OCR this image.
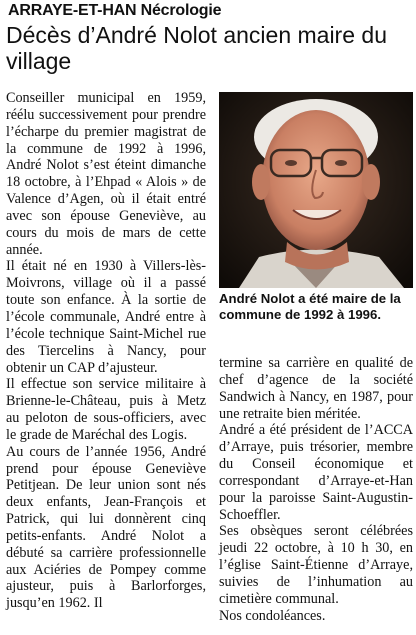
ARRAYE-ET-HAN Nécrologie
Décès d’André Nolot ancien maire du village

Conseiller municipal en 1959, réélu successivement pour prendre l’écharpe du premier magistrat de la commune de 1992 à 1996, André Nolot s’est éteint dimanche 18 octobre, à l’Ehpad « Alois » de Valence d’Agen, où il était entré avec son épouse Geneviève, au cours du mois de mars de cette année.

Il était né en 1930 à Villers-lès-Moivrons, village où il a passé toute son enfance. À la sortie de l’école communale, André entre à l’école technique Saint-Michel rue des Tiercelins à Nancy, pour obtenir un CAP d’ajusteur.

Il effectue son service militaire à Brienne-le-Château, puis à Metz au peloton de sous-officiers, avec le grade de Maréchal des Logis.

Au cours de l’année 1956, André prend pour épouse Geneviève Petitjean. De leur union sont nés deux enfants, Jean-François et Patrick, qui lui donnèrent cinq petits-enfants. André Nolot a débuté sa carrière professionnelle aux Aciéries de Pompey comme ajusteur, puis à Barlorforges, jusqu’en 1962. Il

André Nolot a été maire de la commune de 1992 à 1996.

termine sa carrière en qualité de chef d’agence de la société Sandwich à Nancy, en 1987, pour une retraite bien méritée.

André a été président de l’ACCA d’Arraye, puis trésorier, membre du Conseil économique et correspondant d’Arraye-et-Han pour la paroisse Saint-Augustin-Schoeffler.

Ses obsèques seront célébrées jeudi 22 octobre, à 10 h 30, en l’église Saint-Étienne d’Arraye, suivies de l’inhumation au cimetière communal.

Nos condoléances.
